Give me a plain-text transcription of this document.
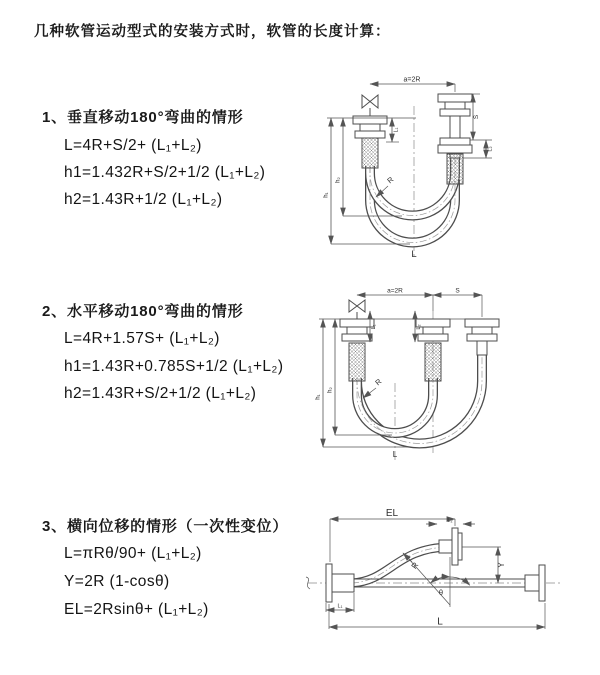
几种软管运动型式的安装方式时，软管的长度计算：
1、垂直移动180°弯曲的情形
L=4R+S/2+ (L₁+L₂)
h1=1.432R+S/2+1/2 (L₁+L₂)
h2=1.43R+1/2 (L₁+L₂)
a=2R
h₁
h₂
L₁
S
L₂
R
L
2、水平移动180°弯曲的情形
L=4R+1.57S+ (L₁+L₂)
h1=1.43R+0.785S+1/2 (L₁+L₂)
h2=1.43R+S/2+1/2 (L₁+L₂)
a=2R	S
h₁
h₂
L₁	L₂
R
L
3、横向位移的情形（一次性变位）
L=πRθ/90+ (L₁+L₂)
Y=2R (1-cosθ)
EL=2Rsinθ+ (L₁+L₂)
θ
EL
L₂
Y
L
L₁
R
